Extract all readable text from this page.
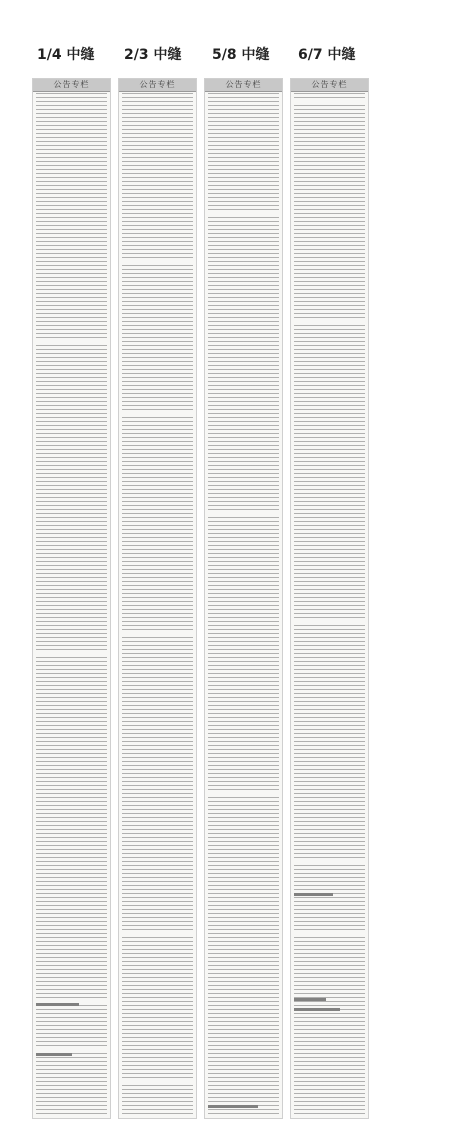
1/4 中缝 2/3 中缝 5/8 中缝 6/7 中缝
公告专栏	公告专栏	公告专栏	公告专栏
